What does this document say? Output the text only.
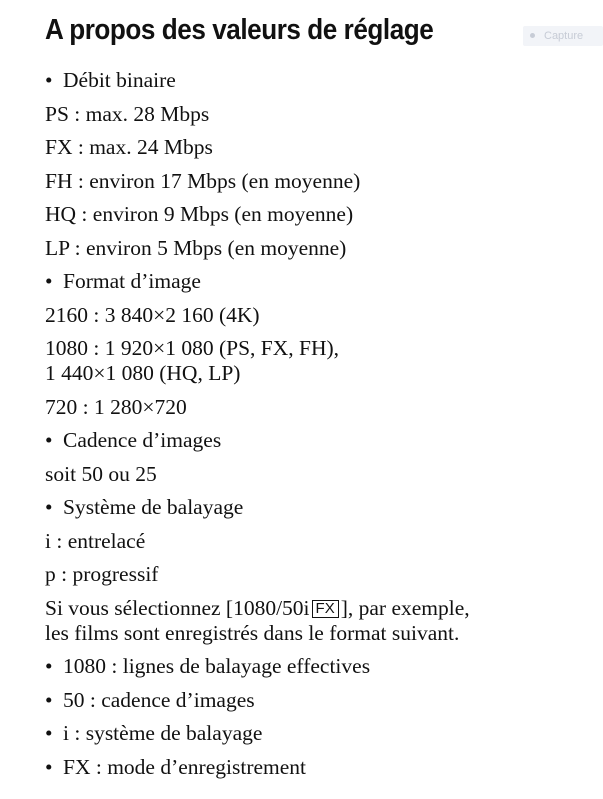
A propos des valeurs de réglage	Capture
• Débit binaire
PS : max. 28 Mbps
FX : max. 24 Mbps
FH : environ 17 Mbps (en moyenne)
HQ : environ 9 Mbps (en moyenne)
LP : environ 5 Mbps (en moyenne)
• Format d’image
2160 : 3 840×2 160 (4K)
1080 : 1 920×1 080 (PS, FX, FH),
1 440×1 080 (HQ, LP)
720 : 1 280×720
• Cadence d’images
soit 50 ou 25
• Système de balayage
i : entrelacé
p : progressif
Si vous sélectionnez [1080/50i FX ], par exemple,
les films sont enregistrés dans le format suivant.
• 1080 : lignes de balayage effectives
• 50 : cadence d’images
• i : système de balayage
• FX : mode d’enregistrement
